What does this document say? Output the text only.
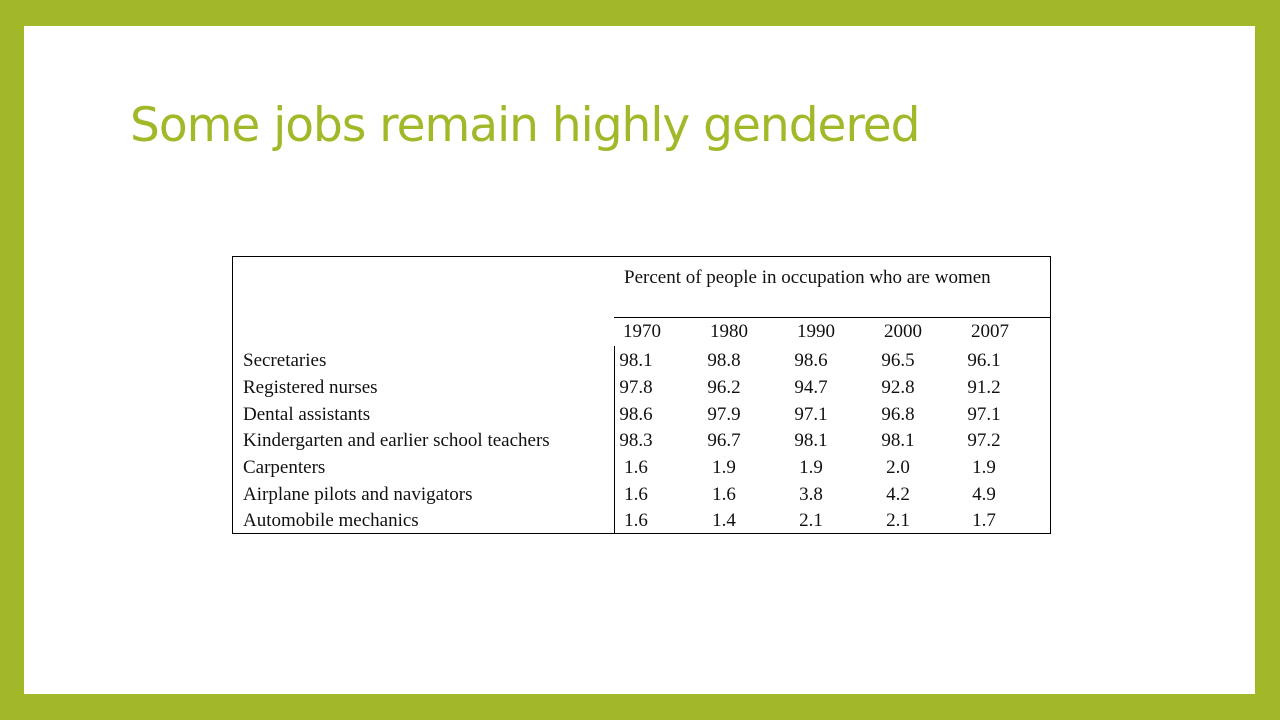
Some jobs remain highly gendered
Percent of people in occupation who are women
1970	1980	1990	2000	2007
Secretaries	98.1	98.8	98.6	96.5	96.1
Registered nurses	97.8	96.2	94.7	92.8	91.2
Dental assistants	98.6	97.9	97.1	96.8	97.1
Kindergarten and earlier school teachers	98.3	96.7	98.1	98.1	97.2
Carpenters	1.6	1.9	1.9	2.0	1.9
Airplane pilots and navigators	1.6	1.6	3.8	4.2	4.9
Automobile mechanics	1.6	1.4	2.1	2.1	1.7
